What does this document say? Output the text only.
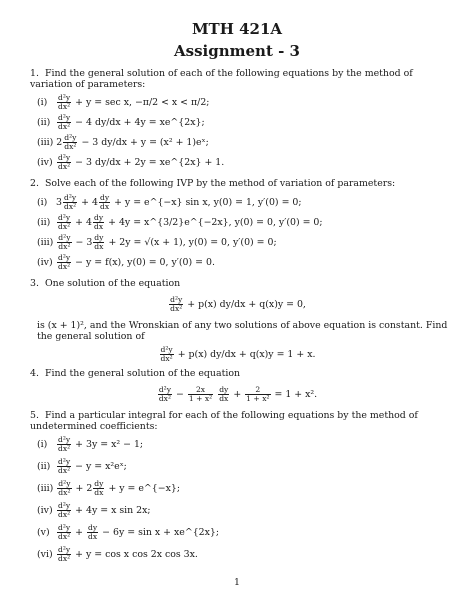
MTH 421A
Assignment - 3
1. Find the general solution of each of the following equations by the method of variation of parameters:
$(i) \frac{\text{d²y}}{\text{dx²}} + y = \sec x$, −π/2 < x < π/2;
$(ii) \frac{\text{d²y}}{\text{dx²}} - 4$ dy/dx + 4y = xe^{2x};
(iii) $2 \frac{\text{d²y}}{\text{dx²}} - 3$ dy/dx + y = (x² + 1)eˣ;
$(iv) \frac{\text{d²y}}{\text{dx²}} - 3$ dy/dx + 2y = xe^{2x} + 1.
2. Solve each of the following IVP by the method of variation of parameters:
(i) $3 \frac{\text{d²y}}{\text{dx²}} + 4 \frac{dy}{dx} + y$ = e^{−x} sin x, y(0) = 1, y′(0) = 0;
$(ii) \frac{\text{d²y}}{\text{dx²}} + 4 \frac{dy}{dx} + 4y$ = x^{3/2}e^{−2x}, y(0) = 0, y′(0) = 0;
$(iii) \frac{\text{d²y}}{\text{dx²}} - 3 \frac{dy}{dx} + 2y = √(x + 1)$, y(0) = 0, y′(0) = 0;
$(iv) \frac{\text{d²y}}{\text{dx²}} - y = f(x)$, y(0) = 0, y′(0) = 0.
3. One solution of the equation
$\frac{\text{d²y}}{\text{dx²}} + p(x) dy/dx + q(x)y = 0$,
is (x + 1)², and the Wronskian of any two solutions of above equation is constant. Find the general solution of
$\frac{\text{d²y}}{\text{dx²}} + p(x) dy/dx + q(x)y = 1 + x$.
4. Find the general solution of the equation
$\frac{\text{d²y}}{\text{dx²}} - \frac{2x}{\text{1 + x²}}$
$\frac{dy}{dx} + \frac{2}{\text{1 + x²}} = 1 + x^2$.
5. Find a particular integral for each of the following equations by the method of undetermined coefficients:
$(i) \frac{\text{d²y}}{\text{dx²}} + 3y = x^2 - 1$;
$(ii) \frac{\text{d²y}}{\text{dx²}} - y$ = x²eˣ;
$(iii) \frac{\text{d²y}}{\text{dx²}} + 2 \frac{dy}{dx} + y$ = e^{−x};
$(iv) \frac{\text{d²y}}{\text{dx²}} + 4y = x$ sin 2x;
$(v) \frac{\text{d²y}}{\text{dx²}} + \frac{dy}{dx} - 6y = \sin x$ + xe^{2x};
$(vi) \frac{\text{d²y}}{\text{dx²}} + y = \cos x$ cos 2x cos 3x.
1
